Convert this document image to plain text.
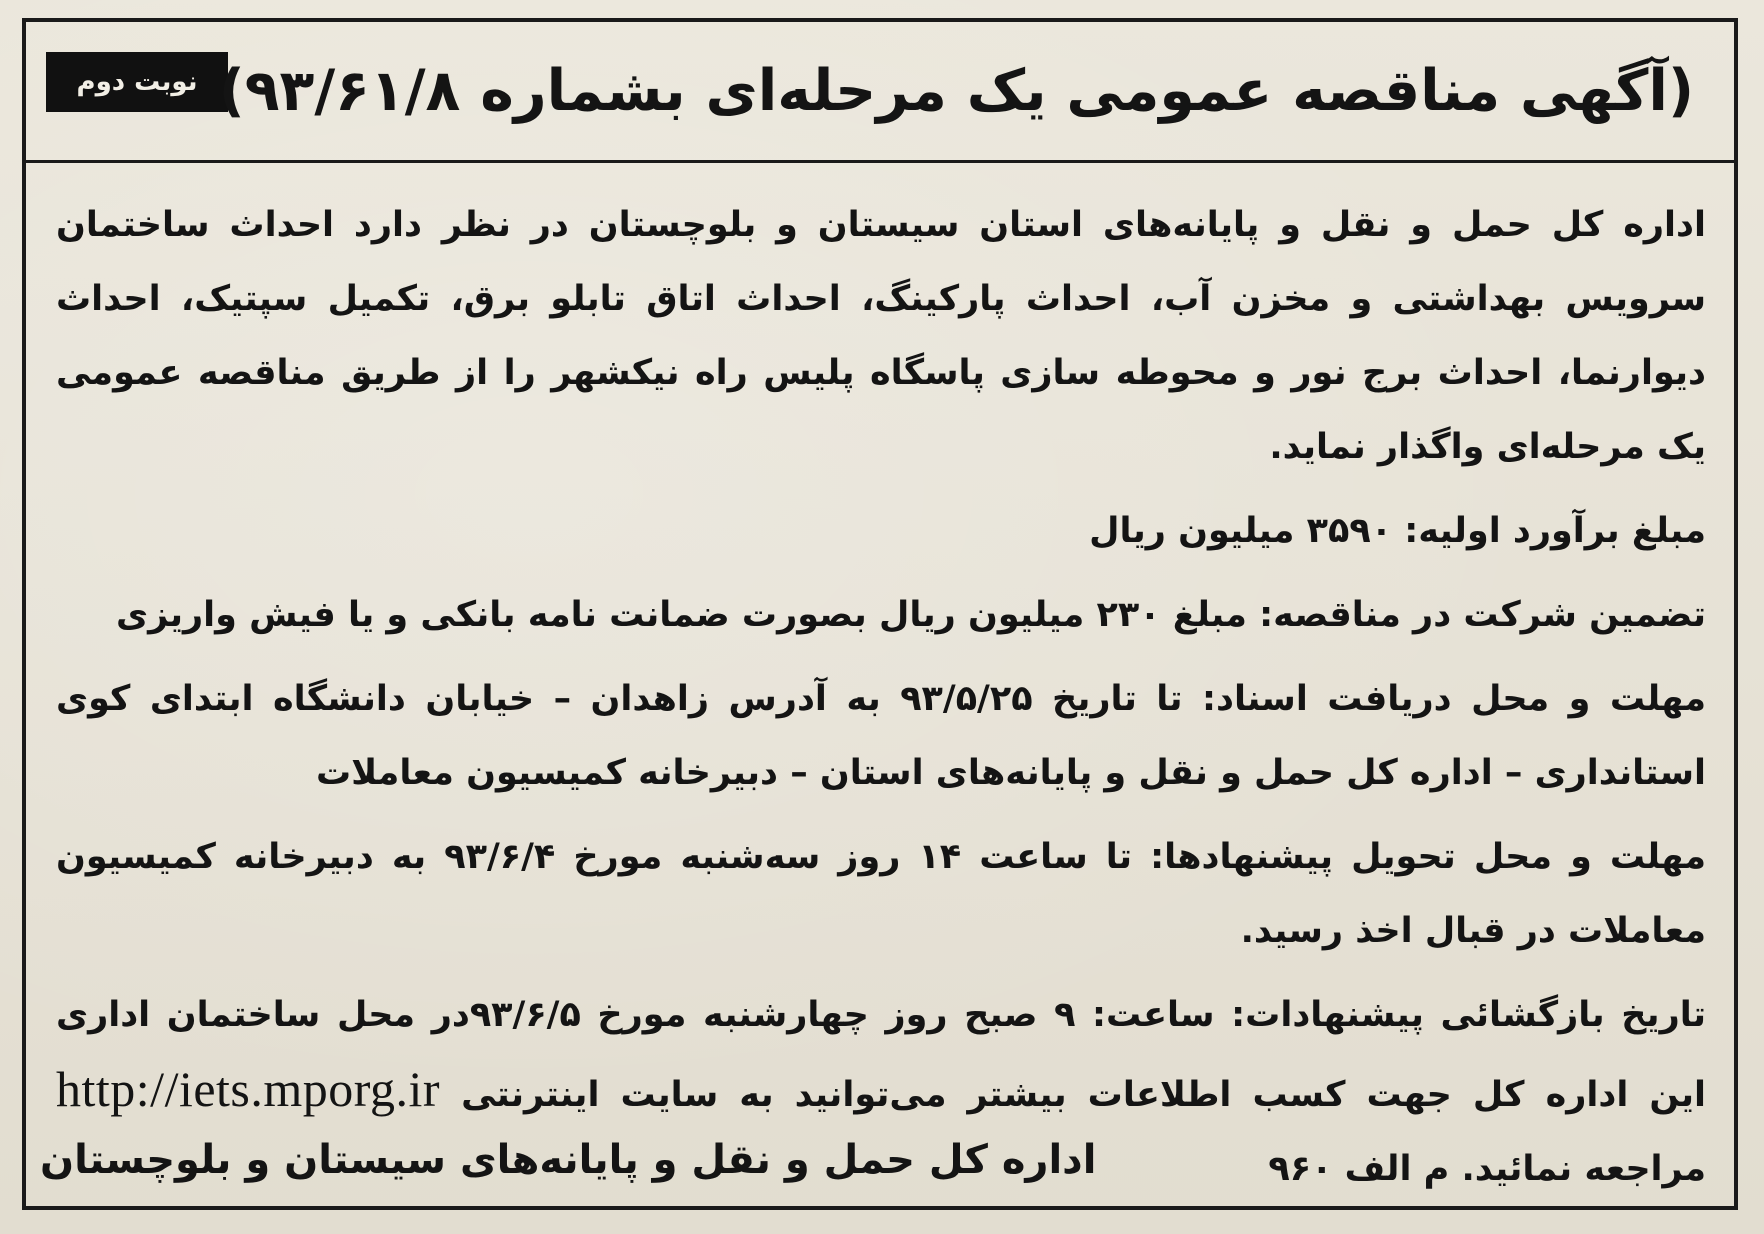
نوبت دوم (آگهی مناقصه عمومی یک مرحله‌ای بشماره ۹۳/۶۱/۸)

اداره کل حمل و نقل و پایانه‌های استان سیستان و بلوچستان در نظر دارد احداث ساختمان سرویس بهداشتی و مخزن آب، احداث پارکینگ، احداث اتاق تابلو برق، تکمیل سپتیک، احداث دیوارنما، احداث برج نور و محوطه سازی پاسگاه پلیس راه نیکشهر را از طریق مناقصه عمومی یک مرحله‌ای واگذار نماید.

مبلغ برآورد اولیه: ۳۵۹۰ میلیون ریال

تضمین شرکت در مناقصه: مبلغ ۲۳۰ میلیون ریال بصورت ضمانت نامه بانکی و یا فیش واریزی

مهلت و محل دریافت اسناد: تا تاریخ ۹۳/۵/۲۵ به آدرس زاهدان – خیابان دانشگاه ابتدای کوی استانداری – اداره کل حمل و نقل و پایانه‌های استان – دبیرخانه کمیسیون معاملات

مهلت و محل تحویل پیشنهادها: تا ساعت ۱۴ روز سه‌شنبه مورخ ۹۳/۶/۴ به دبیرخانه کمیسیون معاملات در قبال اخذ رسید.

تاریخ بازگشائی پیشنهادات: ساعت: ۹ صبح روز چهارشنبه مورخ ۹۳/۶/۵در محل ساختمان اداری این اداره کل جهت کسب اطلاعات بیشتر می‌توانید به سایت اینترنتی http://iets.mporg.ir مراجعه نمائید. م الف ۹۶۰

اداره کل حمل و نقل و پایانه‌های سیستان و بلوچستان
